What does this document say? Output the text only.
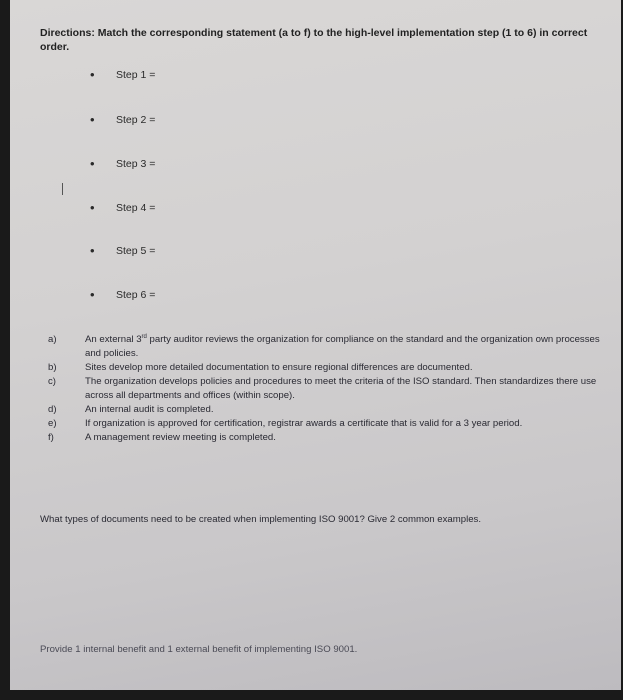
Directions: Match the corresponding statement (a to f) to the high-level implementation step (1 to 6) in correct order.

• Step 1 =
• Step 2 =
• Step 3 =
• Step 4 =
• Step 5 =
• Step 6 =
a)	An external 3rd party auditor reviews the organization for compliance on the standard and the organization own processes and policies.
b)	Sites develop more detailed documentation to ensure regional differences are documented.
c)	The organization develops policies and procedures to meet the criteria of the ISO standard. Then standardizes there use across all departments and offices (within scope).
d)	An internal audit is completed.
e)	If organization is approved for certification, registrar awards a certificate that is valid for a 3 year period.
f)	A management review meeting is completed.
What types of documents need to be created when implementing ISO 9001? Give 2 common examples.
Provide 1 internal benefit and 1 external benefit of implementing ISO 9001.
